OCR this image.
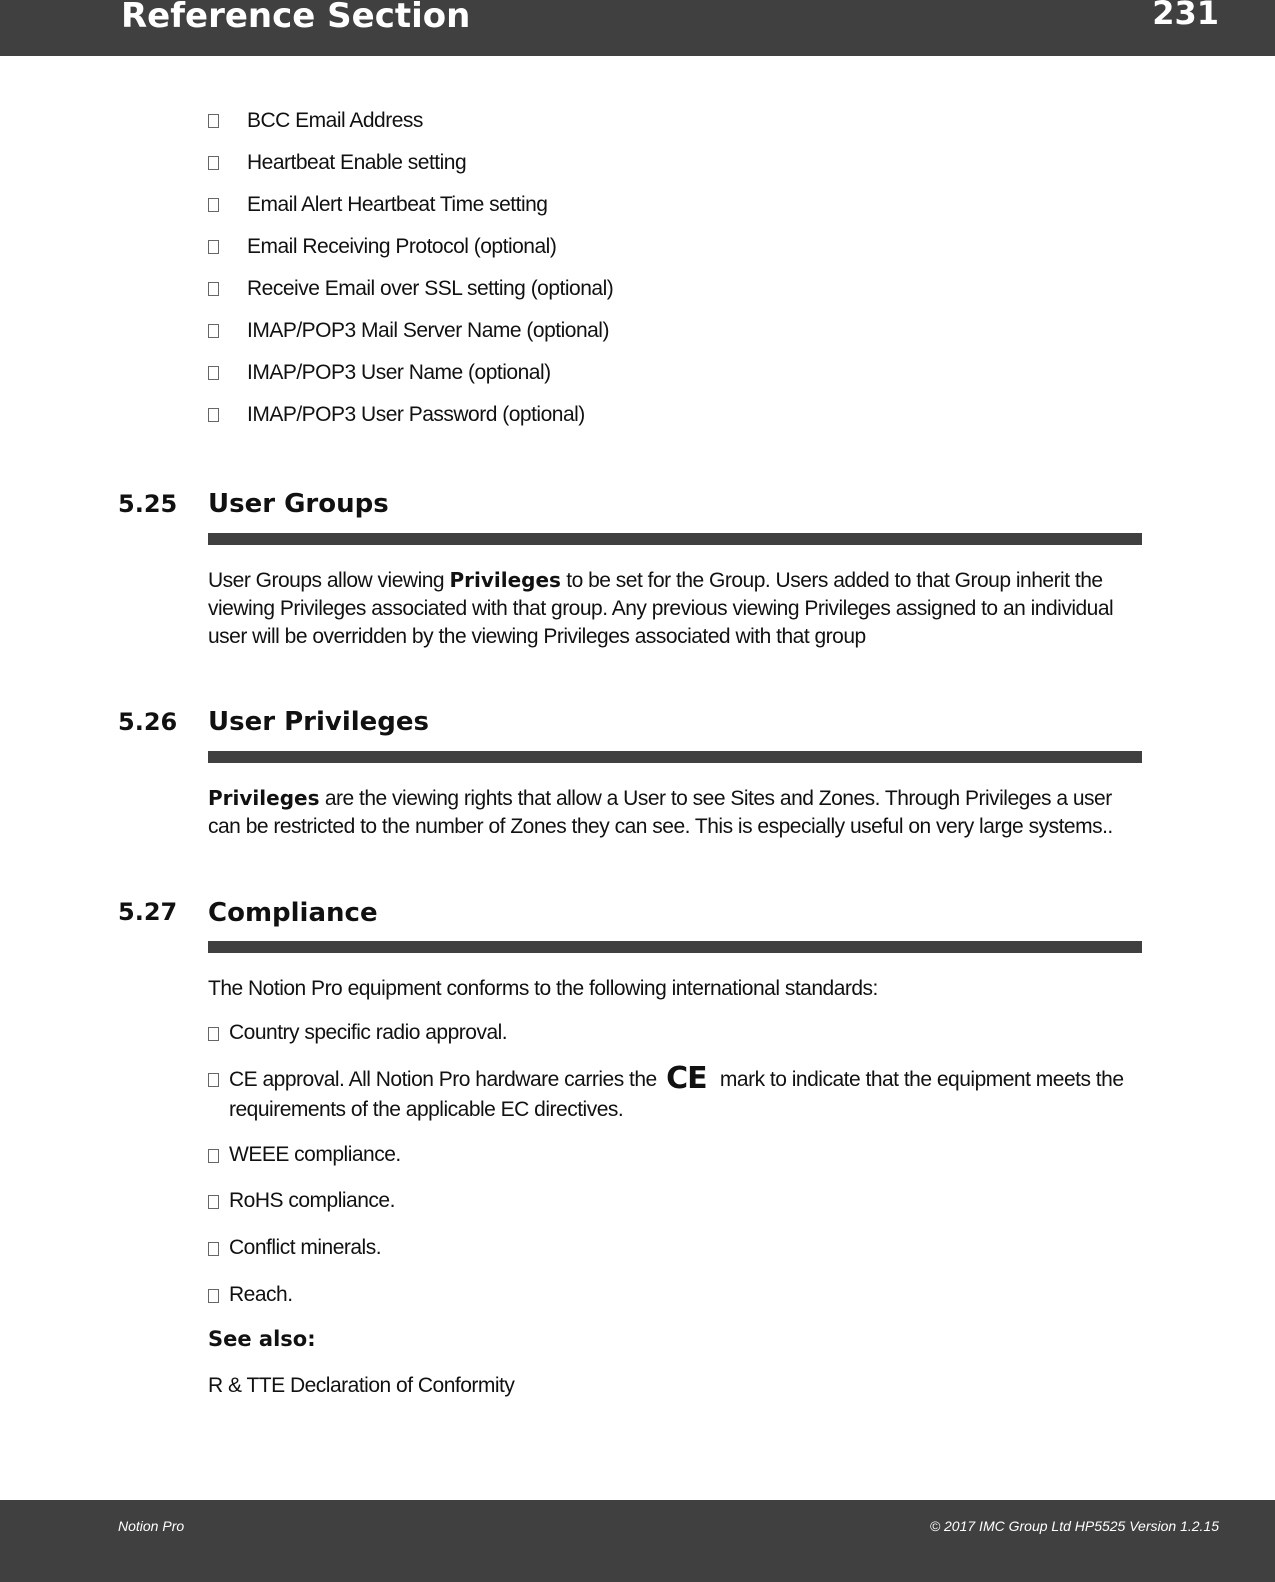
Reference Section	231
BCC Email Address
Heartbeat Enable setting
Email Alert Heartbeat Time setting
Email Receiving Protocol (optional)
Receive Email over SSL setting (optional)
IMAP/POP3 Mail Server Name (optional)
IMAP/POP3 User Name (optional)
IMAP/POP3 User Password (optional)
5.25 User Groups
User Groups allow viewing Privileges to be set for the Group. Users added to that Group inherit the viewing Privileges associated with that group. Any previous viewing Privileges assigned to an individual user will be overridden by the viewing Privileges associated with that group
5.26 User Privileges
Privileges are the viewing rights that allow a User to see Sites and Zones. Through Privileges a user can be restricted to the number of Zones they can see. This is especially useful on very large systems..
5.27 Compliance
The Notion Pro equipment conforms to the following international standards:
Country specific radio approval.
CE approval. All Notion Pro hardware carries the CE mark to indicate that the equipment meets the requirements of the applicable EC directives.
WEEE compliance.
RoHS compliance.
Conflict minerals.
Reach.
See also:
R & TTE Declaration of Conformity
Notion Pro	© 2017 IMC Group Ltd HP5525 Version 1.2.15
